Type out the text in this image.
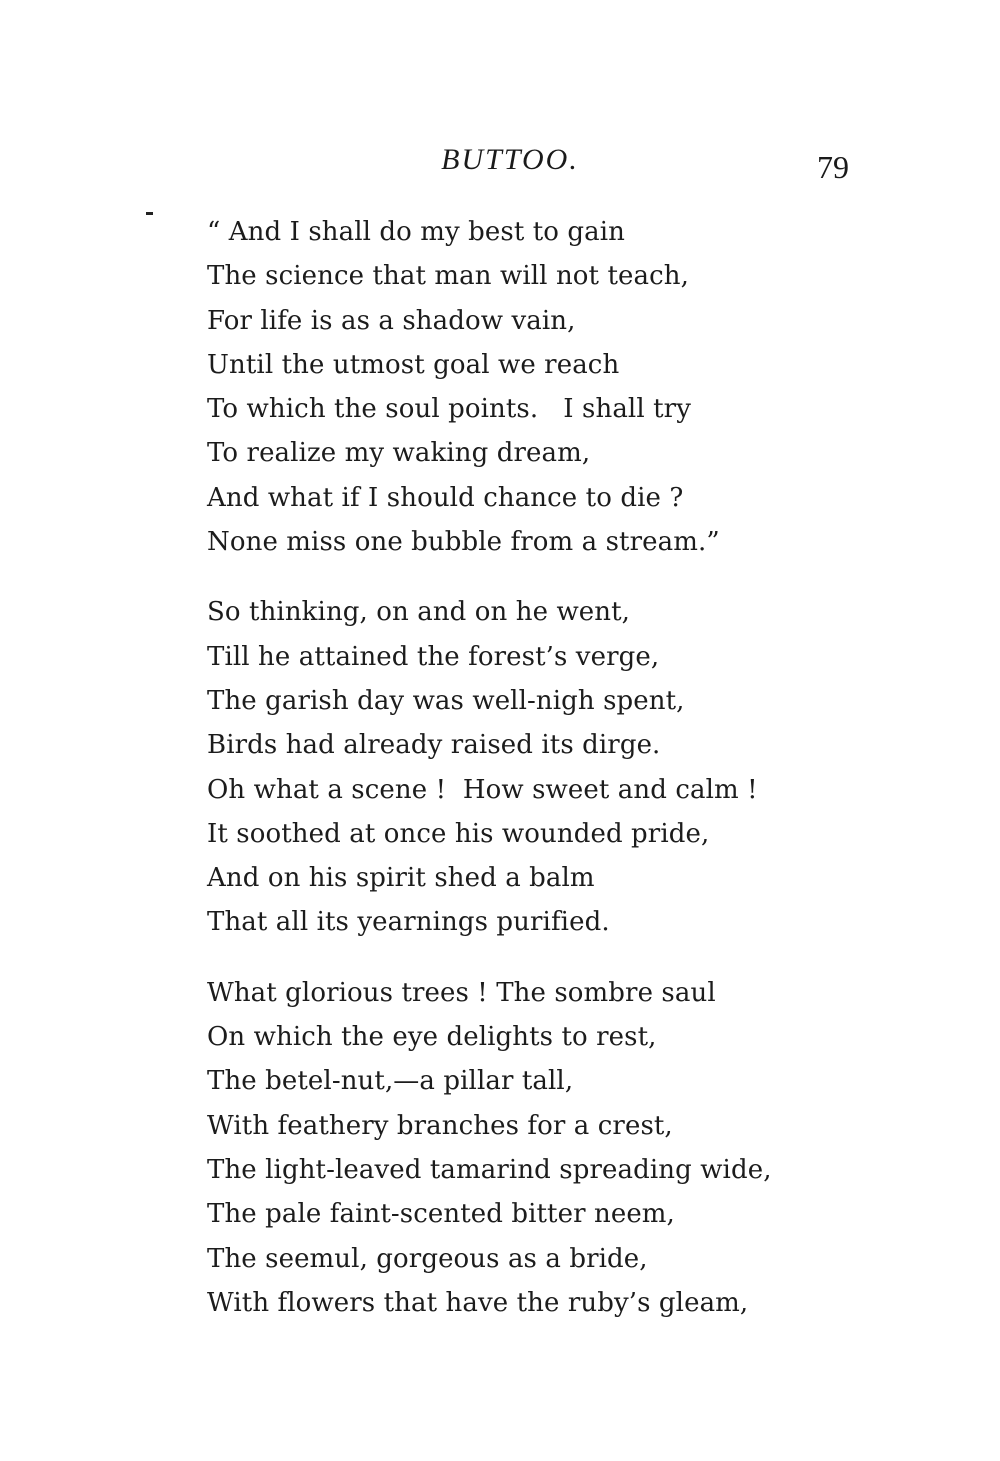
BUTTOO.	79
“ And I shall do my best to gain
The science that man will not teach,
For life is as a shadow vain,
Until the utmost goal we reach
To which the soul points.   I shall try
To realize my waking dream,
And what if I should chance to die ?
None miss one bubble from a stream.”
So thinking, on and on he went,
Till he attained the forest’s verge,
The garish day was well-nigh spent,
Birds had already raised its dirge.
Oh what a scene !  How sweet and calm !
It soothed at once his wounded pride,
And on his spirit shed a balm
That all its yearnings purified.
What glorious trees ! The sombre saul
On which the eye delights to rest,
The betel-nut,—a pillar tall,
With feathery branches for a crest,
The light-leaved tamarind spreading wide,
The pale faint-scented bitter neem,
The seemul, gorgeous as a bride,
With flowers that have the ruby’s gleam,
